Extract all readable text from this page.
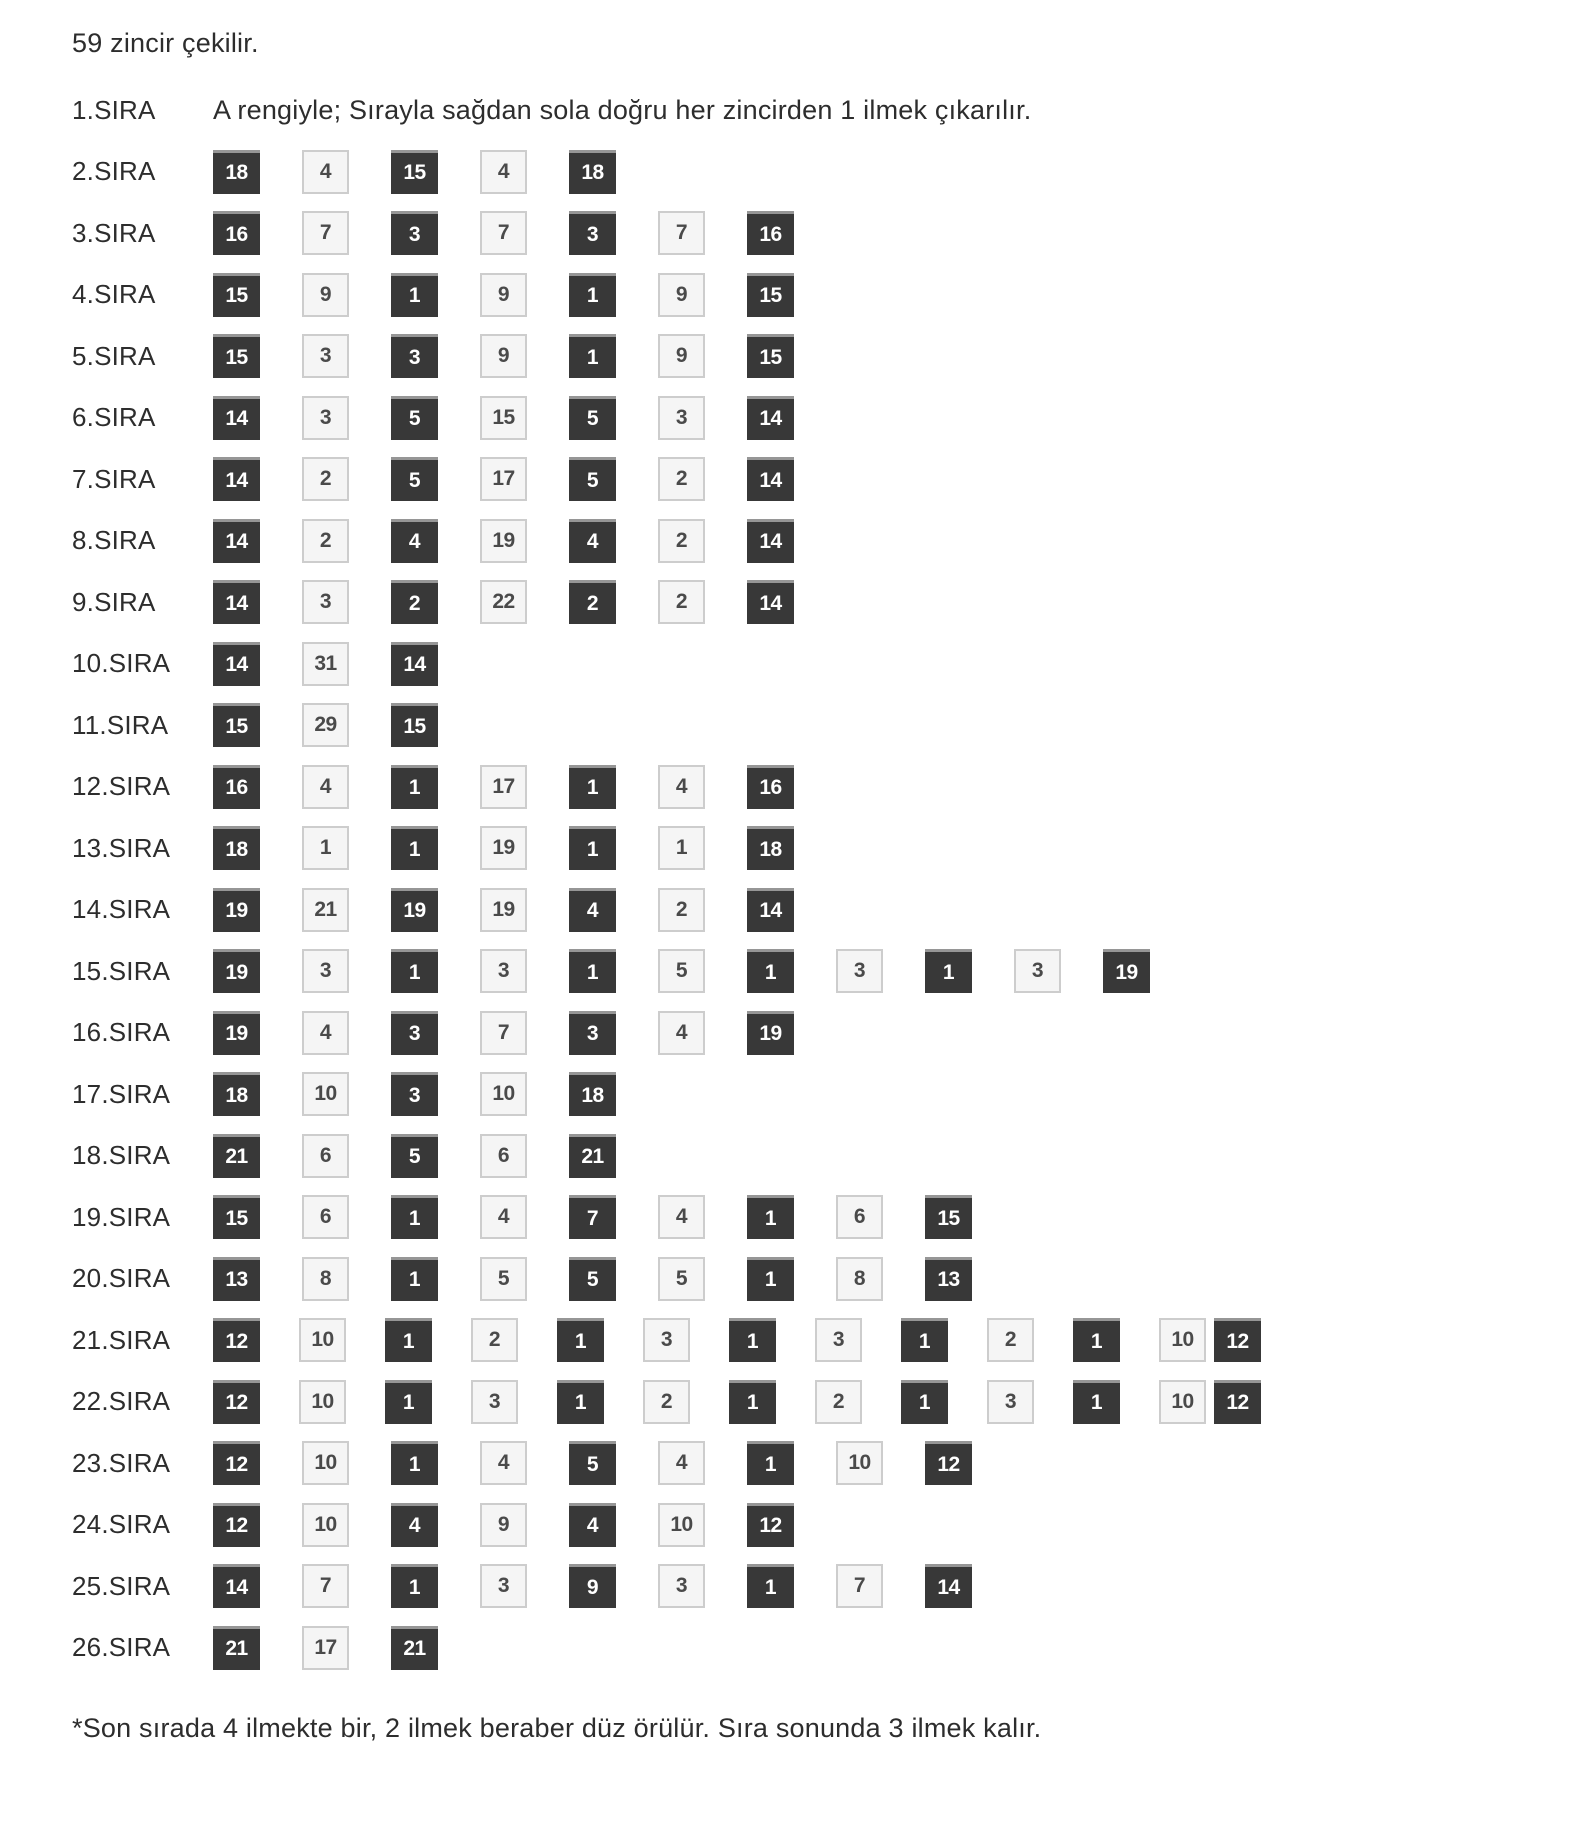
59 zincir çekilir.
1.SIRA	A rengiyle; Sırayla sağdan sola doğru her zincirden 1 ilmek çıkarılır.
2.SIRA	18	4	15	4	18
3.SIRA	16	7	3	7	3	7	16
4.SIRA	15	9	1	9	1	9	15
5.SIRA	15	3	3	9	1	9	15
6.SIRA	14	3	5	15	5	3	14
7.SIRA	14	2	5	17	5	2	14
8.SIRA	14	2	4	19	4	2	14
9.SIRA	14	3	2	22	2	2	14
10.SIRA	14	31	14
11.SIRA	15	29	15
12.SIRA	16	4	1	17	1	4	16
13.SIRA	18	1	1	19	1	1	18
14.SIRA	19	21	19	19	4	2	14
15.SIRA	19	3	1	3	1	5	1	3	1	3	19
16.SIRA	19	4	3	7	3	4	19
17.SIRA	18	10	3	10	18
18.SIRA	21	6	5	6	21
19.SIRA	15	6	1	4	7	4	1	6	15
20.SIRA	13	8	1	5	5	5	1	8	13
21.SIRA	12	10	1	2	1	3	1	3	1	2	1	10	12
22.SIRA	12	10	1	3	1	2	1	2	1	3	1	10	12
23.SIRA	12	10	1	4	5	4	1	10	12
24.SIRA	12	10	4	9	4	10	12
25.SIRA	14	7	1	3	9	3	1	7	14
26.SIRA	21	17	21
*Son sırada 4 ilmekte bir, 2 ilmek beraber düz örülür. Sıra sonunda 3 ilmek kalır.
